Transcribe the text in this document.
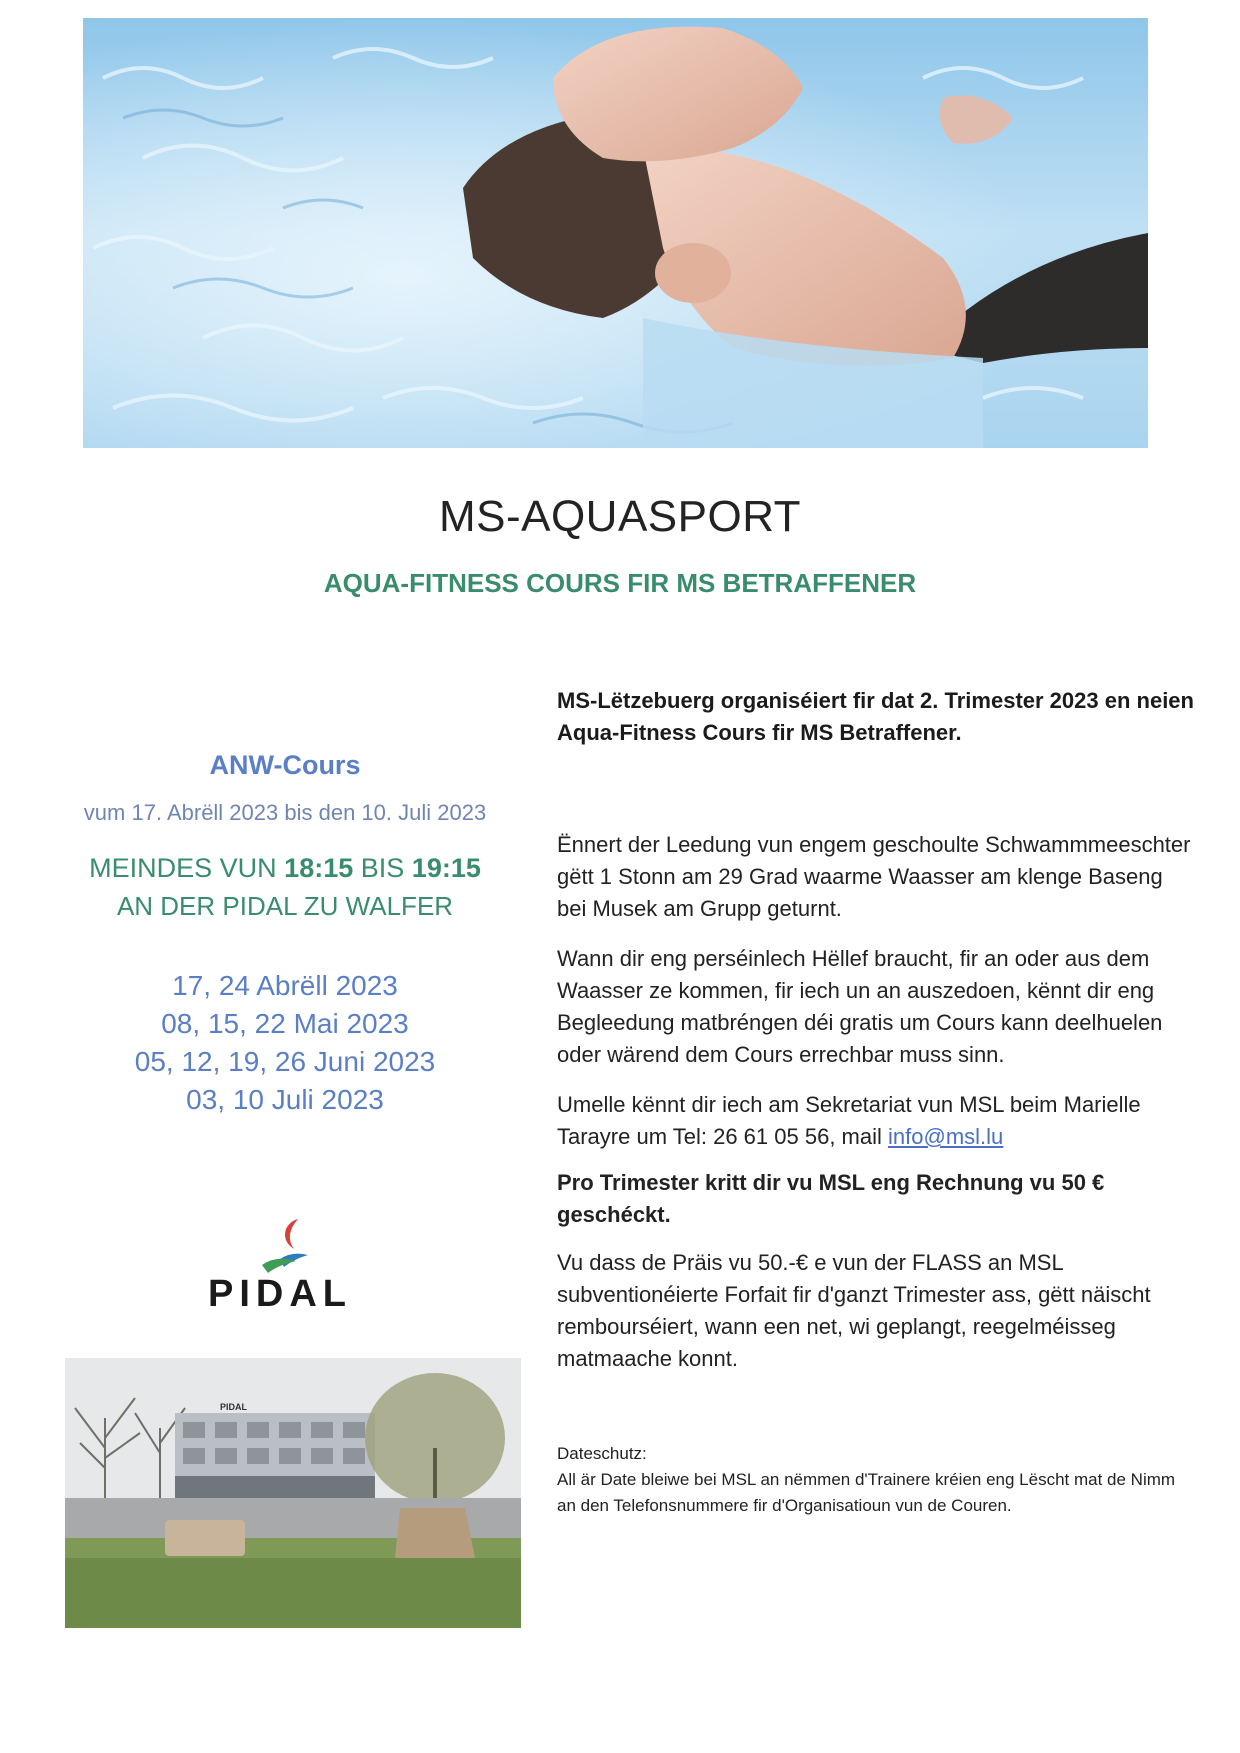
MS-AQUASPORT
AQUA-FITNESS COURS FIR MS BETRAFFENER
ANW-Cours
vum 17. Abrëll 2023 bis den 10. Juli 2023
MEINDES VUN 18:15 BIS 19:15
AN DER PIDAL ZU WALFER
17, 24 Abrëll 2023
08, 15, 22 Mai 2023
05, 12, 19, 26 Juni 2023
03, 10 Juli 2023
PIDAL
PIDAL

MS-Lëtzebuerg organiséiert fir dat 2. Trimester 2023 en neien Aqua-Fitness Cours fir MS Betraffener.

Ënnert der Leedung vun engem geschoulte Schwammmeeschter gëtt 1 Stonn am 29 Grad waarme Waasser am klenge Baseng bei Musek am Grupp geturnt.

Wann dir eng perséinlech Hëllef braucht, fir an oder aus dem Waasser ze kommen, fir iech un an auszedoen, kënnt dir eng Begleedung matbréngen déi gratis um Cours kann deelhuelen oder wärend dem Cours errechbar muss sinn.

Umelle kënnt dir iech am Sekretariat vun MSL beim Marielle Tarayre um Tel: 26 61 05 56, mail info@msl.lu

Pro Trimester kritt dir vu MSL eng Rechnung vu 50 € geschéckt.

Vu dass de Präis vu 50.-€ e vun der FLASS an MSL subventionéierte Forfait fir d'ganzt Trimester ass, gëtt näischt rembourséiert, wann een net, wi geplangt, reegelméisseg matmaache konnt.

Dateschutz:
All är Date bleiwe bei MSL an nëmmen d'Trainere kréien eng Lëscht mat de Nimm an den Telefonsnummere fir d'Organisatioun vun de Couren.
